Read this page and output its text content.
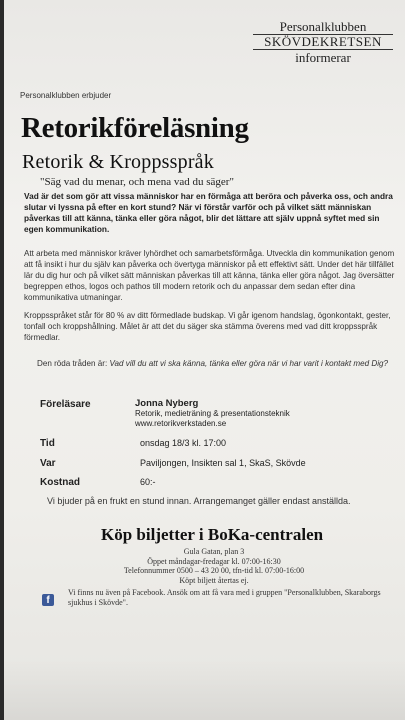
Personalklubben
SKÖVDEKRETSEN
informerar
Personalklubben erbjuder
Retorikföreläsning
Retorik & Kroppsspråk
"Säg vad du menar, och mena vad du säger"

Vad är det som gör att vissa människor har en förmåga att beröra och påverka oss, och andra slutar vi lyssna på efter en kort stund? När vi förstår varför och på vilket sätt människan påverkas till att känna, tänka eller göra något, blir det lättare att själv uppnå syftet med sin egen kommunikation.

Att arbeta med människor kräver lyhördhet och samarbetsförmåga. Utveckla din kommunikation genom att få insikt i hur du själv kan påverka och övertyga människor på ett effektivt sätt. Under det här tillfället lär du dig hur och på vilket sätt människan påverkas till att känna, tänka eller göra något. Jag översätter begreppen ethos, logos och pathos till modern retorik och du anpassar dem sedan efter dina kommunikativa utmaningar.

Kroppsspråket står för 80 % av ditt förmedlade budskap. Vi går igenom handslag, ögonkontakt, gester, tonfall och kroppshållning. Målet är att det du säger ska stämma överens med vad ditt kroppsspråk förmedlar.

Den röda tråden är: Vad vill du att vi ska känna, tänka eller göra när vi har varit i kontakt med Dig?

Föreläsare	Jonna Nyberg
Retorik, medieträning & presentationsteknik
www.retorikverkstaden.se
Tid	onsdag 18/3 kl. 17:00
Var	Paviljongen, Insikten sal 1, SkaS, Skövde
Kostnad	60:-
Vi bjuder på en frukt en stund innan. Arrangemanget gäller endast anställda.
Köp biljetter i BoKa-centralen
Gula Gatan, plan 3
Öppet måndagar-fredagar kl. 07:00-16:30
Telefonnummer 0500 – 43 20 00, tfn-tid kl. 07:00-16:00
Köpt biljett återtas ej.
f
Vi finns nu även på Facebook. Ansök om att få vara med i gruppen "Personalklubben, Skaraborgs sjukhus i Skövde".
